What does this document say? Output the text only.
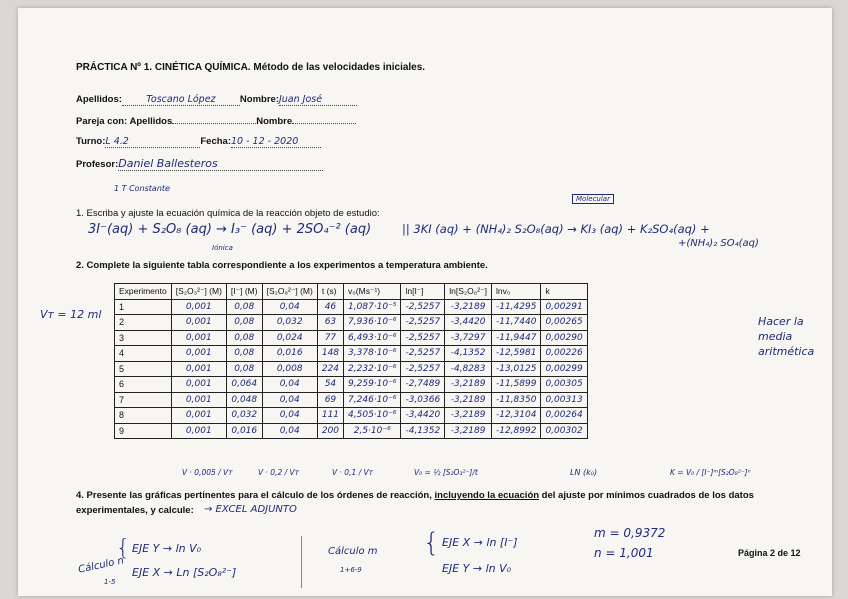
PRÁCTICA Nº 1. CINÉTICA QUÍMICA. Método de las velocidades iniciales.
Apellidos:	Toscano López	Nombre:Juan José
Pareja con: Apellidos	Nombre
Turno:L 4.2	Fecha:10 - 12 - 2020
Profesor:Daniel Ballesteros
1 T Constante
Molecular
1. Escriba y ajuste la ecuación química de la reacción objeto de estudio:
3I⁻(aq) + S₂O₈ (aq) → I₃⁻ (aq) + 2SO₄⁻² (aq)	|| 3KI (aq) + (NH₄)₂ S₂O₈(aq) → KI₃ (aq) + K₂SO₄(aq) +
+(NH₄)₂ SO₄(aq)
Iónica
2. Complete la siguiente tabla correspondiente a los experimentos a temperatura ambiente.
Vт = 12 ml
Hacer la media aritmética
Experimento	[S₂O₃²⁻] (M)	[I⁻] (M)	[S₂O₈²⁻] (M)	t (s)	v₀(Ms⁻¹)	ln[I⁻]	ln[S₂O₈²⁻]	lnv₀	k
1	0,001	0,08	0,04	46	1,087·10⁻⁵	-2,5257	-3,2189	-11,4295	0,00291
2	0,001	0,08	0,032	63	7,936·10⁻⁶	-2,5257	-3,4420	-11,7440	0,00265
3	0,001	0,08	0,024	77	6,493·10⁻⁶	-2,5257	-3,7297	-11,9447	0,00290
4	0,001	0,08	0,016	148	3,378·10⁻⁶	-2,5257	-4,1352	-12,5981	0,00226
5	0,001	0,08	0,008	224	2,232·10⁻⁶	-2,5257	-4,8283	-13,0125	0,00299
6	0,001	0,064	0,04	54	9,259·10⁻⁶	-2,7489	-3,2189	-11,5899	0,00305
7	0,001	0,048	0,04	69	7,246·10⁻⁶	-3,0366	-3,2189	-11,8350	0,00313
8	0,001	0,032	0,04	111	4,505·10⁻⁶	-3,4420	-3,2189	-12,3104	0,00264
9	0,001	0,016	0,04	200	2,5·10⁻⁶	-4,1352	-3,2189	-12,8992	0,00302
V · 0,005 / Vт	V · 0,2 / Vт	V · 0,1 / Vт	V₀ = ½ [S₂O₃²⁻]/t	LN (k₀)	K = V₀ / [I⁻]ᵐ[S₂O₈²⁻]ⁿ
4. Presente las gráficas pertinentes para el cálculo de los órdenes de reacción, incluyendo la ecuación del ajuste por mínimos cuadrados de los datos
experimentales, y calcule: → EXCEL ADJUNTO
Cálculo n
1-5
{ EJE Y → ln V₀
EJE X → Ln [S₂O₈²⁻]
Cálculo m
1+6-9
{ EJE X → ln [I⁻]
EJE Y → ln V₀
m = 0,9372
n = 1,001	Página 2 de 12
